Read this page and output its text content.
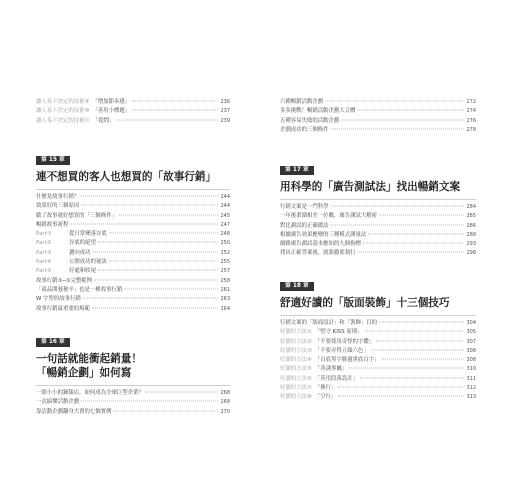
讓人易下決定的技術⑨ 「增加節奏感」	236
讓人易下決定的技術⑩ 「善用小標題」	237
讓人易下決定的技術⑪ 「提問」	239
第 15 章
連不想買的客人也想買的「故事行銷」
什麼是故事行銷？	244
效果好的三個原因	244
聽了故事就好想買的「三個條件」	245
暢銷故事流程	247
Part①	從日常變落谷底	248
Part②	谷底的絕望	250
Part③	邁向成功	252
Part④	公開成功的祕訣	255
Part⑤	好處和收尾	257
故事行銷①─①完整範例	258
「商品開發秘辛」也是一種故事行銷	261
W 字型的故事行銷	263
故事行銷最重要的規範	264
第 16 章
一句話就能衝起銷量！
「暢銷企劃」如何寫
一間小小的鐘錶店，如何成為全球巨型企業？	268
一次搞懂活動企劃	268
靠活動企劃翻身大賣的七個實例	270
六種暢銷活動企劃	272
多多挑戰！暢銷活動企劃大合體	274
五種容易失敗的活動企劃	276
企劃成功的三個條件	278
第 17 章
用科學的「廣告測試法」找出暢銷文案
行銷文案是一門科學	284
一年後業績相差一位數，廣告測試大解密	285
對比測試的正確做法	286
根據廣告效果應變的三種模式測量法	288
網路廣告測試基本應知的九個指標	293
找出正確答案後，就要徹底執行	298
第 18 章
舒適好讀的「版面裝飾」十三個技巧
行銷文案的「版面設計」和「裝飾」目的	304
好讀的方法① 「堅守 KISS 原則」	305
好讀的方法② 「不要使用奇怪的字體」	307
好讀的方法③ 「不要弄得五顏六色」	308
好讀的方法④ 「白底黑字勝過黑底白字」	308
好讀的方法⑤ 「善誘專屬」	310
好讀的方法⑥ 「善用段落設計」	311
好讀的方法⑦ 「換行」	312
好讀的方法⑧ 「空行」	313
